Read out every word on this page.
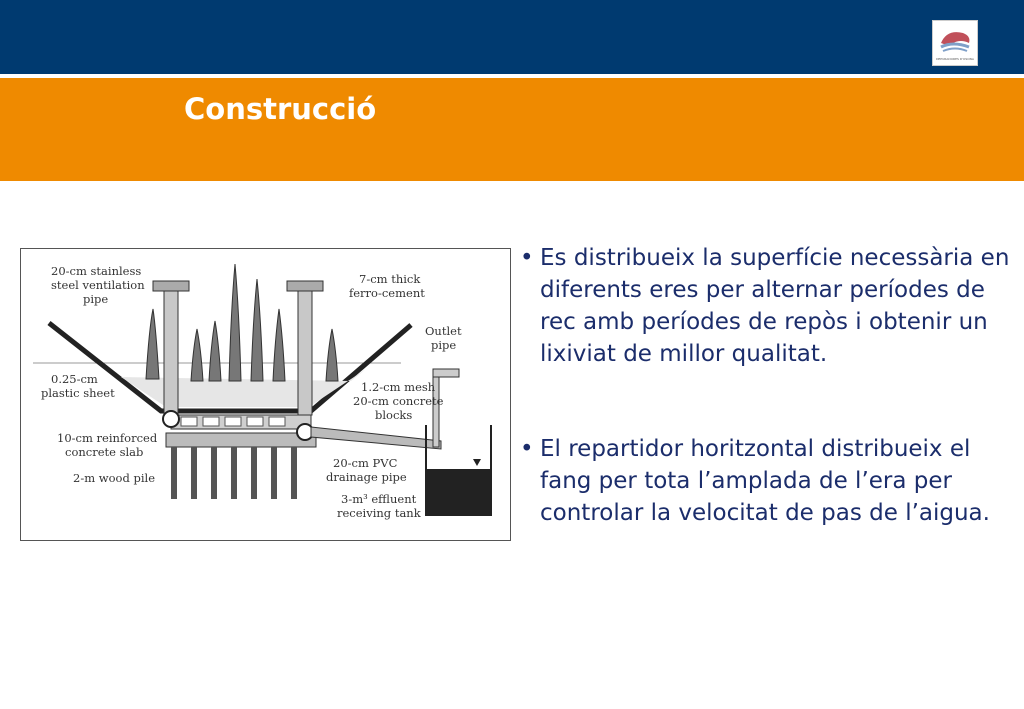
DEPURADORES D'OSONA
Construcció
20-cm stainless steel ventilation pipe
7-cm thick ferro-cement
Outlet pipe
0.25-cm plastic sheet	1.2-cm mesh 20-cm concrete blocks
10-cm reinforced concrete slab
2-m wood pile
20-cm PVC drainage pipe
3-m³ effluent receiving tank
• Es distribueix la superfície necessària en diferents eres per alternar períodes de rec amb períodes de repòs i obtenir un lixiviat de millor qualitat.
• El repartidor horitzontal distribueix el fang per tota l’amplada de l’era per controlar la velocitat de pas de l’aigua.
